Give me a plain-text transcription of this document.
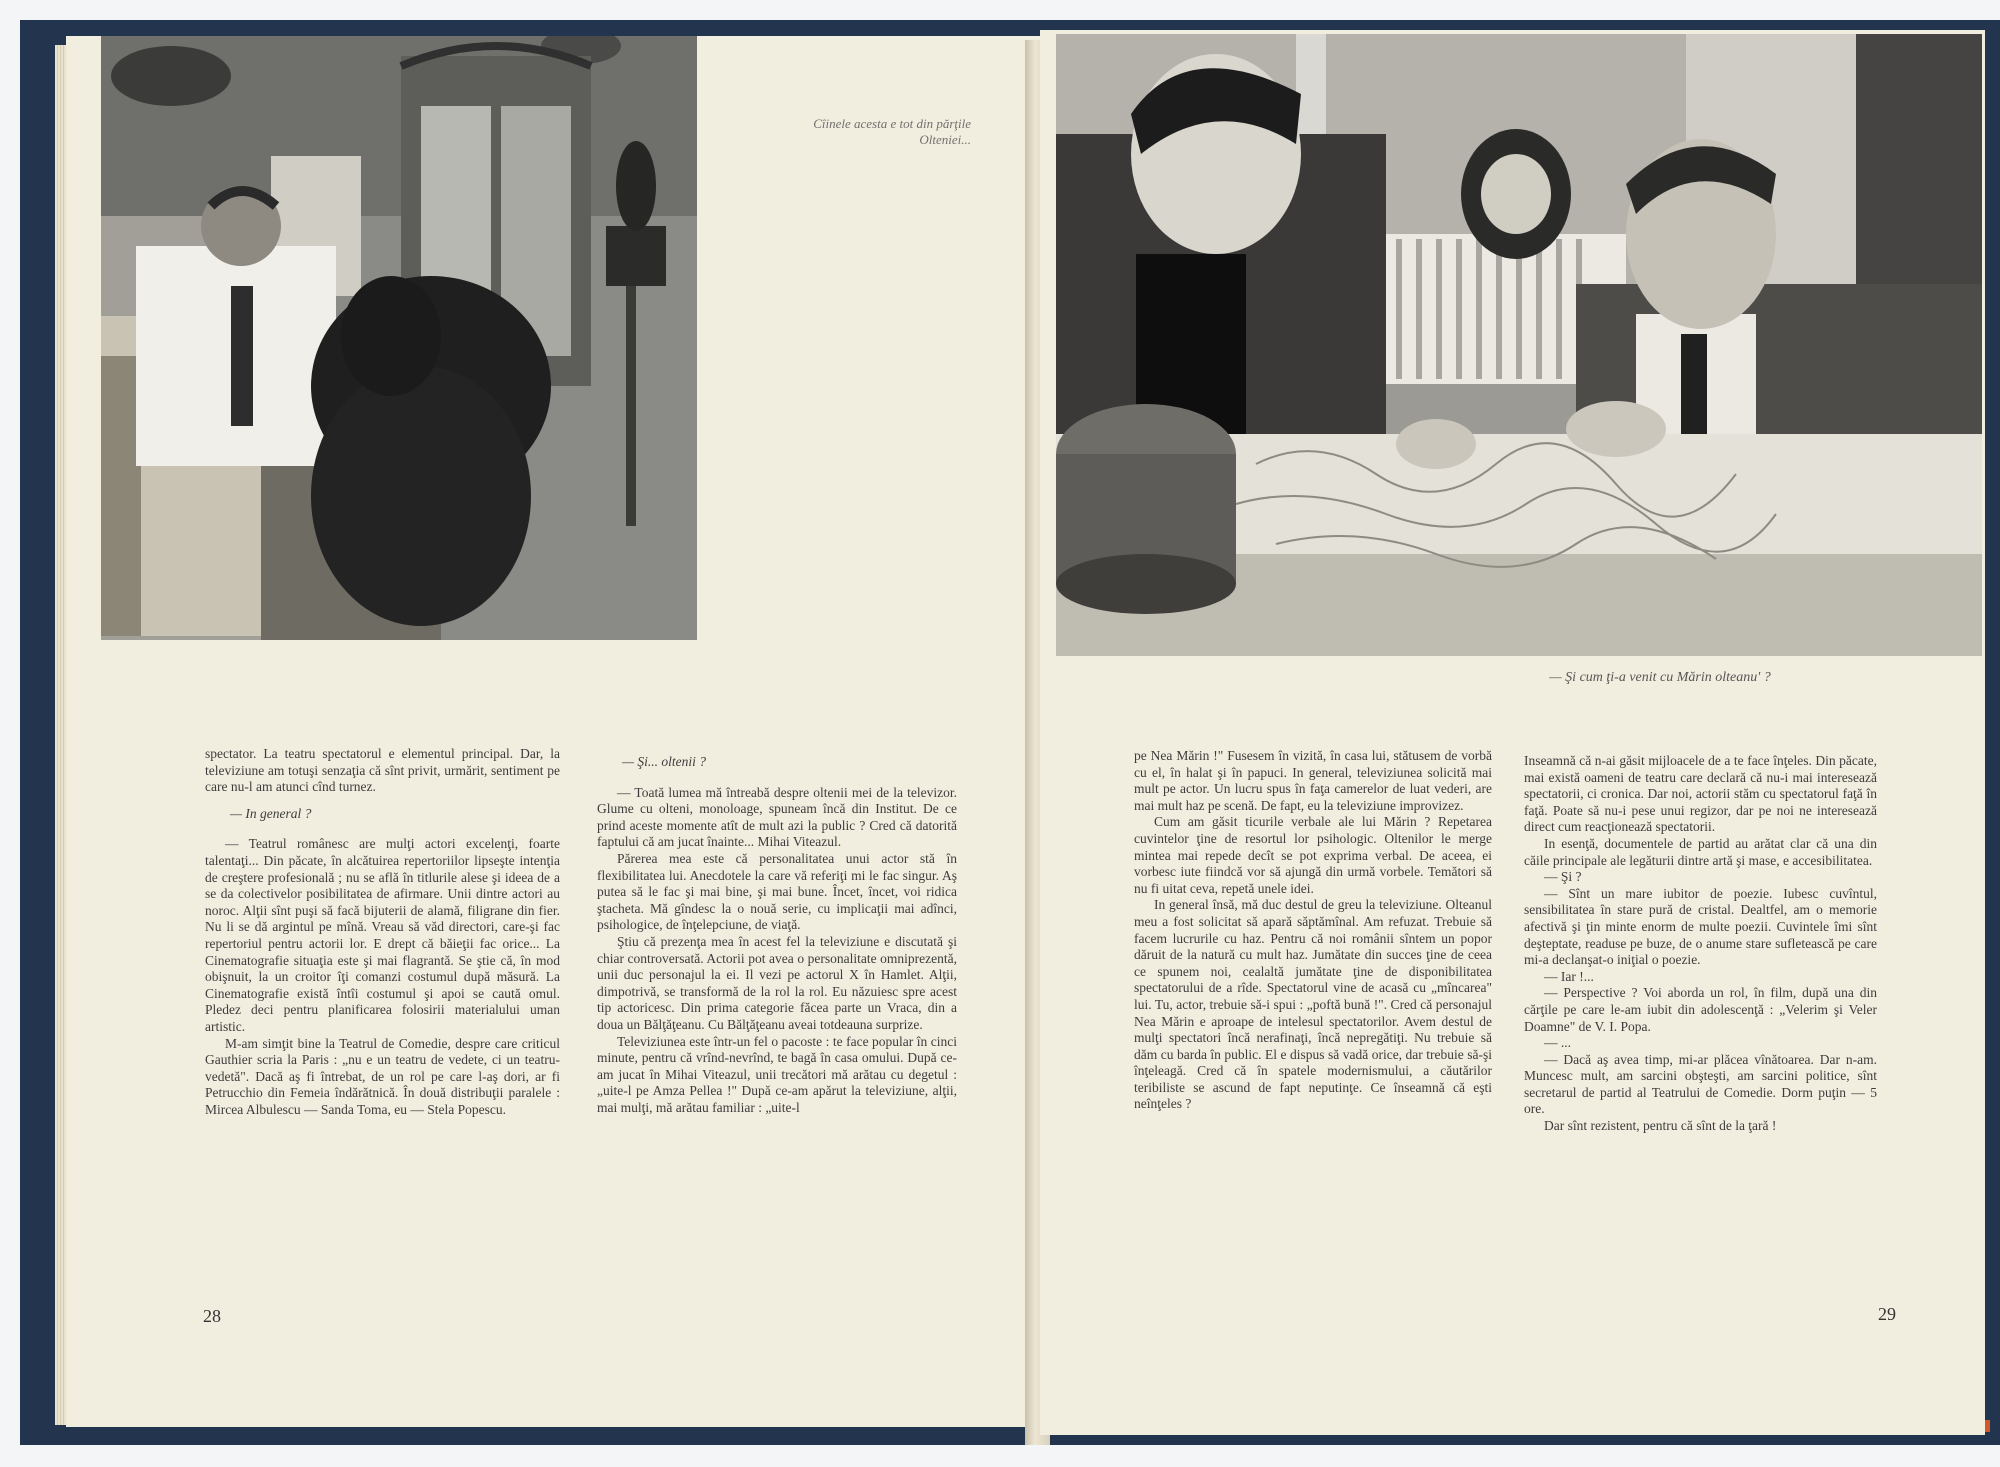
Cîinele acesta e tot din părţile Olteniei...

spectator. La teatru spectatorul e elementul principal. Dar, la televiziune am totuşi senzaţia că sînt privit, urmărit, sentiment pe care nu-l am atunci cînd turnez.

— In general ?

— Teatrul românesc are mulţi actori excelenţi, foarte talentaţi... Din păcate, în alcătuirea repertoriilor lipseşte intenţia de creştere profesională ; nu se află în titlurile alese şi ideea de a se da colectivelor posibilitatea de afirmare. Unii dintre actori au noroc. Alţii sînt puşi să facă bijuterii de alamă, filigrane din fier. Nu li se dă argintul pe mînă. Vreau să văd directori, care-şi fac repertoriul pentru actorii lor. E drept că băieţii fac orice... La Cinematografie situaţia este şi mai flagrantă. Se ştie că, în mod obişnuit, la un croitor îţi comanzi costumul după măsură. La Cinematografie există întîi costumul şi apoi se caută omul. Pledez deci pentru planificarea folosirii materialului uman artistic.

M-am simţit bine la Teatrul de Comedie, despre care criticul Gauthier scria la Paris : „nu e un teatru de vedete, ci un teatru-vedetă". Dacă aş fi întrebat, de un rol pe care l-aş dori, ar fi Petrucchio din Femeia îndărătnică. În două distribuţii paralele : Mircea Albulescu — Sanda Toma, eu — Stela Popescu.

— Şi... oltenii ?

— Toată lumea mă întreabă despre oltenii mei de la televizor. Glume cu olteni, monoloage, spuneam încă din Institut. De ce prind aceste momente atît de mult azi la public ? Cred că datorită faptului că am jucat înainte... Mihai Viteazul.

Părerea mea este că personalitatea unui actor stă în flexibilitatea lui. Anecdotele la care vă referiţi mi le fac singur. Aş putea să le fac şi mai bine, şi mai bune. Încet, încet, voi ridica ştacheta. Mă gîndesc la o nouă serie, cu implicaţii mai adînci, psihologice, de înţelepciune, de viaţă.

Ştiu că prezenţa mea în acest fel la televiziune e discutată şi chiar controversată. Actorii pot avea o personalitate omniprezentă, unii duc personajul la ei. Il vezi pe actorul X în Hamlet. Alţii, dimpotrivă, se transformă de la rol la rol. Eu năzuiesc spre acest tip actoricesc. Din prima categorie făcea parte un Vraca, din a doua un Bălţăţeanu. Cu Bălţăţeanu aveai totdeauna surprize.

Televiziunea este într-un fel o pacoste : te face popular în cinci minute, pentru că vrînd-nevrînd, te bagă în casa omului. După ce-am jucat în Mihai Viteazul, unii trecători mă arătau cu degetul : „uite-l pe Amza Pellea !" După ce-am apărut la televiziune, alţii, mai mulţi, mă arătau familiar : „uite-l

28
— Şi cum ţi-a venit cu Mărin olteanu' ?

pe Nea Mărin !" Fusesem în vizită, în casa lui, stătusem de vorbă cu el, în halat şi în papuci. In general, televiziunea solicită mai mult pe actor. Un lucru spus în faţa camerelor de luat vederi, are mai mult haz pe scenă. De fapt, eu la televiziune improvizez.

Cum am găsit ticurile verbale ale lui Mărin ? Repetarea cuvintelor ţine de resortul lor psihologic. Oltenilor le merge mintea mai repede decît se pot exprima verbal. De aceea, ei vorbesc iute fiindcă vor să ajungă din urmă vorbele. Temători să nu fi uitat ceva, repetă unele idei.

In general însă, mă duc destul de greu la televiziune. Olteanul meu a fost solicitat să apară săptămînal. Am refuzat. Trebuie să facem lucrurile cu haz. Pentru că noi românii sîntem un popor dăruit de la natură cu mult haz. Jumătate din succes ţine de ceea ce spunem noi, cealaltă jumătate ţine de disponibilitatea spectatorului de a rîde. Spectatorul vine de acasă cu „mîncarea" lui. Tu, actor, trebuie să-i spui : „poftă bună !". Cred că personajul Nea Mărin e aproape de intelesul spectatorilor. Avem destul de mulţi spectatori încă nerafinaţi, încă nepregătiţi. Nu trebuie să dăm cu barda în public. El e dispus să vadă orice, dar trebuie să-şi înţeleagă. Cred că în spatele modernismului, a căutărilor teribiliste se ascund de fapt neputinţe. Ce înseamnă că eşti neînţeles ?

Inseamnă că n-ai găsit mijloacele de a te face înţeles. Din păcate, mai există oameni de teatru care declară că nu-i mai interesează spectatorii, ci cronica. Dar noi, actorii stăm cu spectatorul faţă în faţă. Poate să nu-i pese unui regizor, dar pe noi ne interesează direct cum reacţionează spectatorii.

In esenţă, documentele de partid au arătat clar că una din căile principale ale legăturii dintre artă şi mase, e accesibilitatea.

— Şi ?

— Sînt un mare iubitor de poezie. Iubesc cuvîntul, sensibilitatea în stare pură de cristal. Dealtfel, am o memorie afectivă şi ţin minte enorm de multe poezii. Cuvintele îmi sînt deşteptate, readuse pe buze, de o anume stare sufletească pe care mi-a declanşat-o iniţial o poezie.

— Iar !...

— Perspective ? Voi aborda un rol, în film, după una din cărţile pe care le-am iubit din adolescenţă : „Velerim şi Veler Doamne" de V. I. Popa.

— ...

— Dacă aş avea timp, mi-ar plăcea vînătoarea. Dar n-am. Muncesc mult, am sarcini obşteşti, am sarcini politice, sînt secretarul de partid al Teatrului de Comedie. Dorm puţin — 5 ore.

Dar sînt rezistent, pentru că sînt de la ţară !

29
